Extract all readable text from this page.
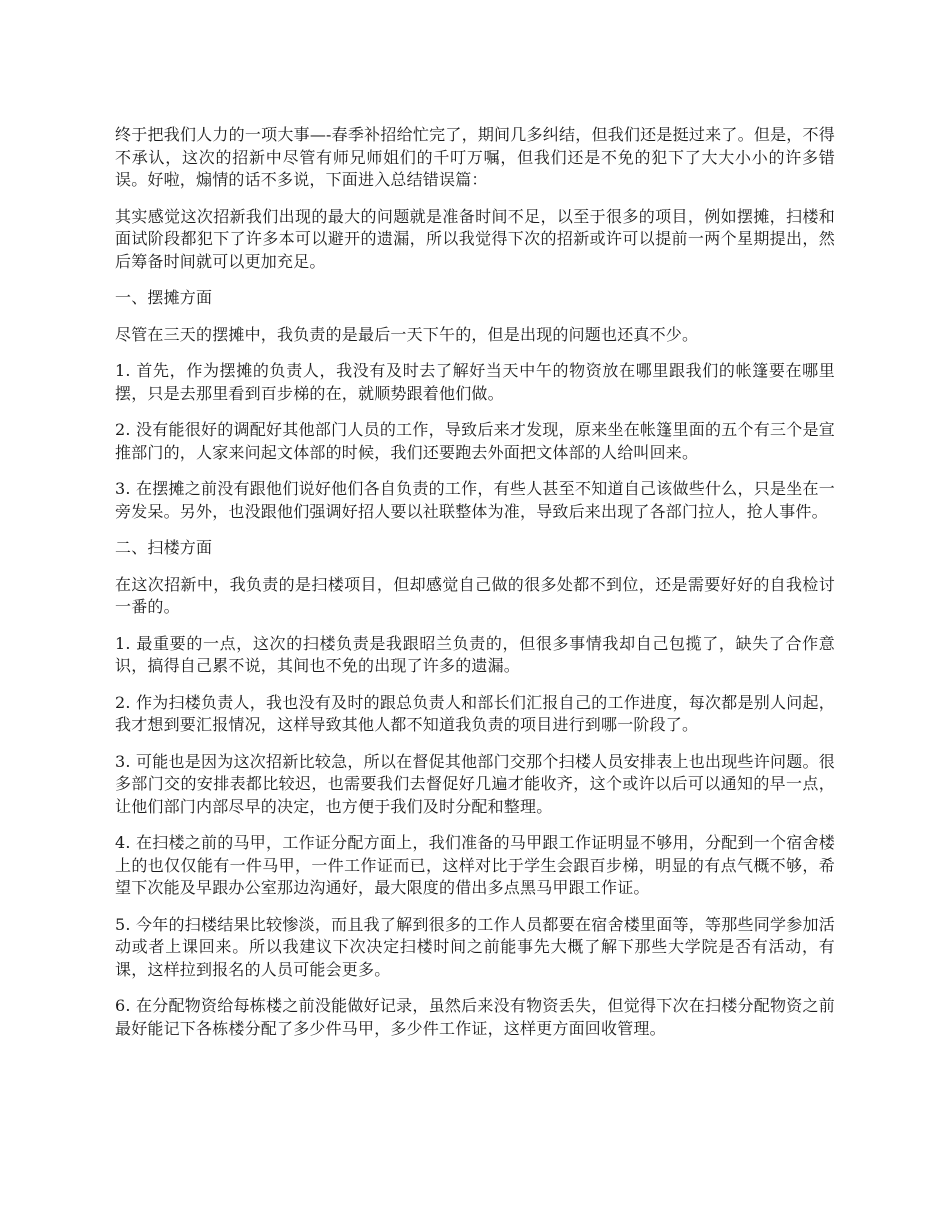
终于把我们人力的一项大事—-春季补招给忙完了，期间几多纠结，但我们还是挺过来了。但是，不得不承认，这次的招新中尽管有师兄师姐们的千叮万嘱，但我们还是不免的犯下了大大小小的许多错误。好啦，煽情的话不多说，下面进入总结错误篇：

其实感觉这次招新我们出现的最大的问题就是准备时间不足，以至于很多的项目，例如摆摊，扫楼和面试阶段都犯下了许多本可以避开的遗漏，所以我觉得下次的招新或许可以提前一两个星期提出，然后筹备时间就可以更加充足。

一、摆摊方面

尽管在三天的摆摊中，我负责的是最后一天下午的，但是出现的问题也还真不少。

1. 首先，作为摆摊的负责人，我没有及时去了解好当天中午的物资放在哪里跟我们的帐篷要在哪里摆，只是去那里看到百步梯的在，就顺势跟着他们做。

2. 没有能很好的调配好其他部门人员的工作，导致后来才发现，原来坐在帐篷里面的五个有三个是宣推部门的，人家来问起文体部的时候，我们还要跑去外面把文体部的人给叫回来。

3. 在摆摊之前没有跟他们说好他们各自负责的工作，有些人甚至不知道自己该做些什么，只是坐在一旁发呆。另外，也没跟他们强调好招人要以社联整体为准，导致后来出现了各部门拉人，抢人事件。

二、扫楼方面

在这次招新中，我负责的是扫楼项目，但却感觉自己做的很多处都不到位，还是需要好好的自我检讨一番的。

1. 最重要的一点，这次的扫楼负责是我跟昭兰负责的，但很多事情我却自己包揽了，缺失了合作意识，搞得自己累不说，其间也不免的出现了许多的遗漏。

2. 作为扫楼负责人，我也没有及时的跟总负责人和部长们汇报自己的工作进度，每次都是别人问起，我才想到要汇报情况，这样导致其他人都不知道我负责的项目进行到哪一阶段了。

3. 可能也是因为这次招新比较急，所以在督促其他部门交那个扫楼人员安排表上也出现些许问题。很多部门交的安排表都比较迟，也需要我们去督促好几遍才能收齐，这个或许以后可以通知的早一点，让他们部门内部尽早的决定，也方便于我们及时分配和整理。

4. 在扫楼之前的马甲，工作证分配方面上，我们准备的马甲跟工作证明显不够用，分配到一个宿舍楼上的也仅仅能有一件马甲，一件工作证而已，这样对比于学生会跟百步梯，明显的有点气概不够，希望下次能及早跟办公室那边沟通好，最大限度的借出多点黑马甲跟工作证。

5. 今年的扫楼结果比较惨淡，而且我了解到很多的工作人员都要在宿舍楼里面等，等那些同学参加活动或者上课回来。所以我建议下次决定扫楼时间之前能事先大概了解下那些大学院是否有活动，有课，这样拉到报名的人员可能会更多。

6. 在分配物资给每栋楼之前没能做好记录，虽然后来没有物资丢失，但觉得下次在扫楼分配物资之前最好能记下各栋楼分配了多少件马甲，多少件工作证，这样更方面回收管理。
